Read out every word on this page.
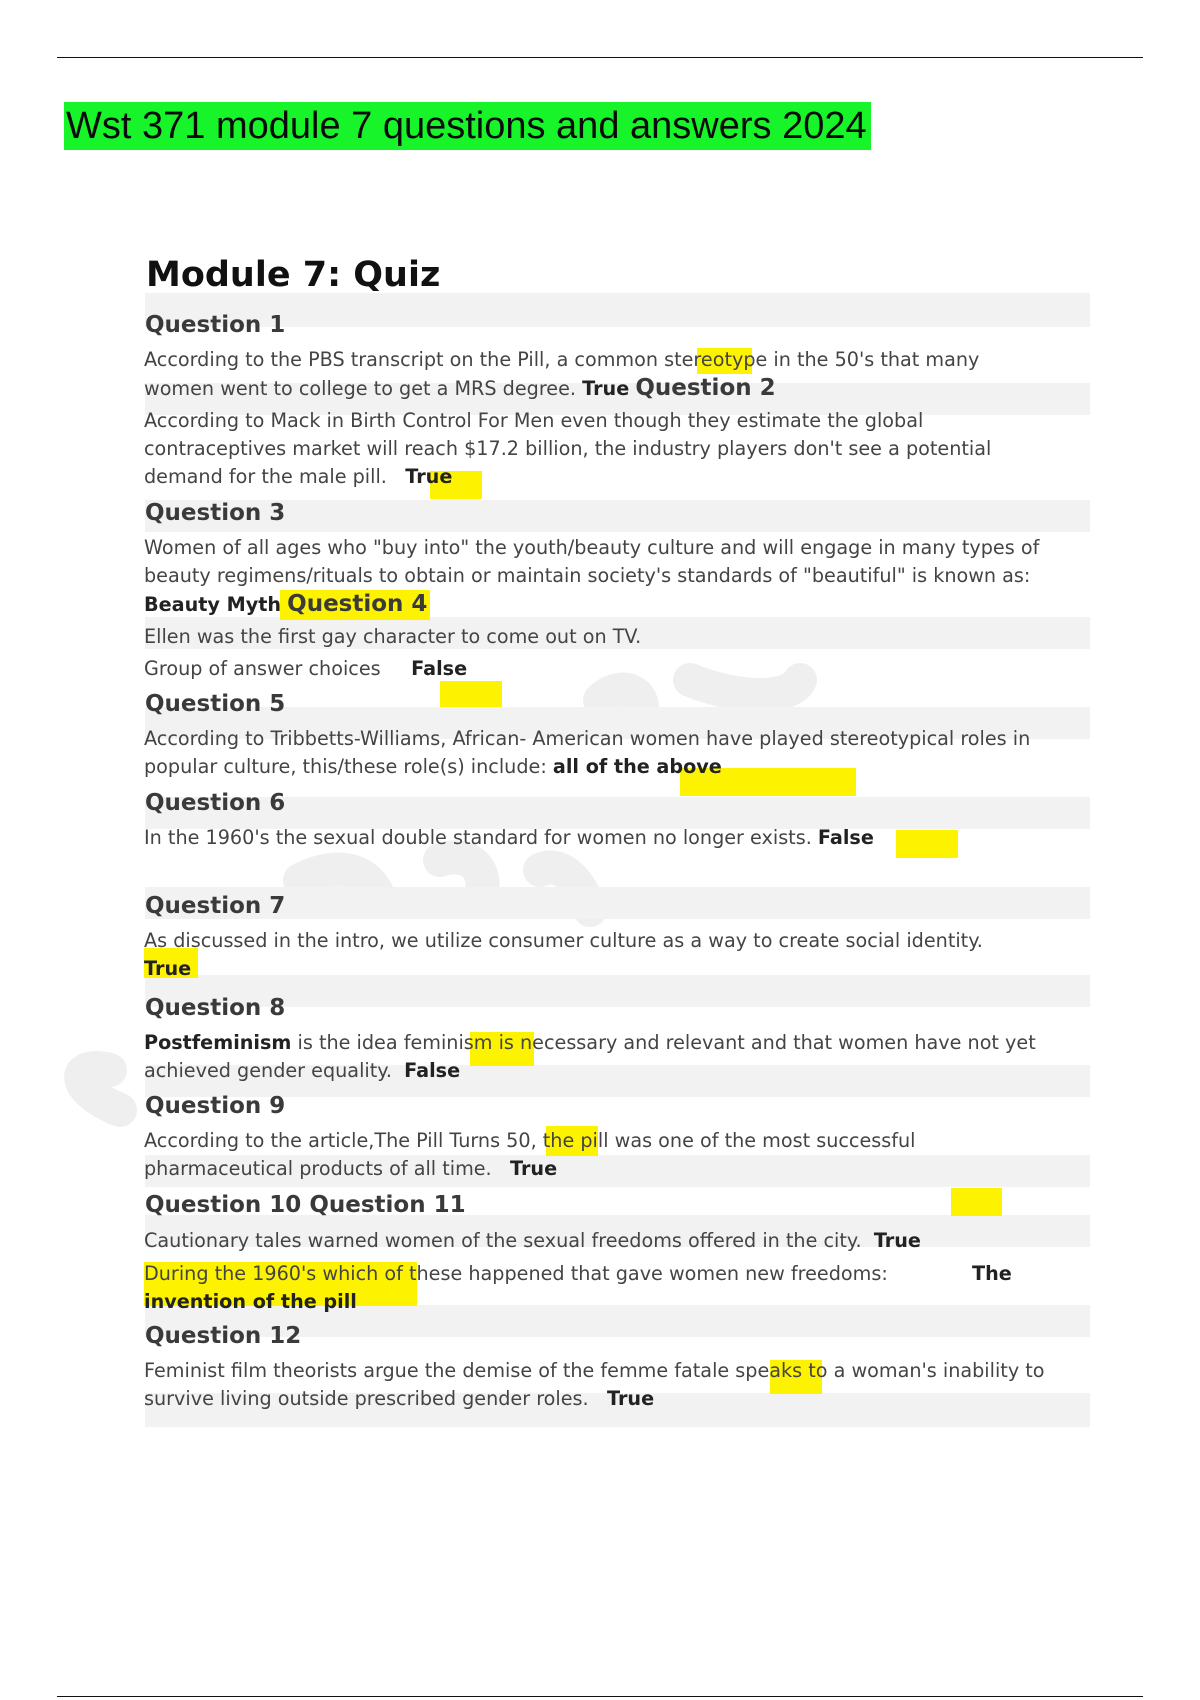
Wst 371 module 7 questions and answers 2024
Module 7: Quiz
Question 1
According to the PBS transcript on the Pill, a common stereotype in the 50's that many
women went to college to get a MRS degree. True Question 2
According to Mack in Birth Control For Men even though they estimate the global
contraceptives market will reach $17.2 billion, the industry players don't see a potential
demand for the male pill. True
Question 3
Women of all ages who "buy into" the youth/beauty culture and will engage in many types of
beauty regimens/rituals to obtain or maintain society's standards of "beautiful" is known as:
Beauty Myth Question 4
Ellen was the first gay character to come out on TV.
Group of answer choices False
Question 5
According to Tribbetts-Williams, African- American women have played stereotypical roles in
popular culture, this/these role(s) include: all of the above
Question 6
In the 1960's the sexual double standard for women no longer exists. False
Question 7
As discussed in the intro, we utilize consumer culture as a way to create social identity.
True
Question 8
Postfeminism is the idea feminism is necessary and relevant and that women have not yet
achieved gender equality. False
Question 9
According to the article,The Pill Turns 50, the pill was one of the most successful
pharmaceutical products of all time. True
Question 10 Question 11
Cautionary tales warned women of the sexual freedoms offered in the city. True
During the 1960's which of these happened that gave women new freedoms:
invention of the pill
The
Question 12
Feminist film theorists argue the demise of the femme fatale speaks to a woman's inability to
survive living outside prescribed gender roles. True
